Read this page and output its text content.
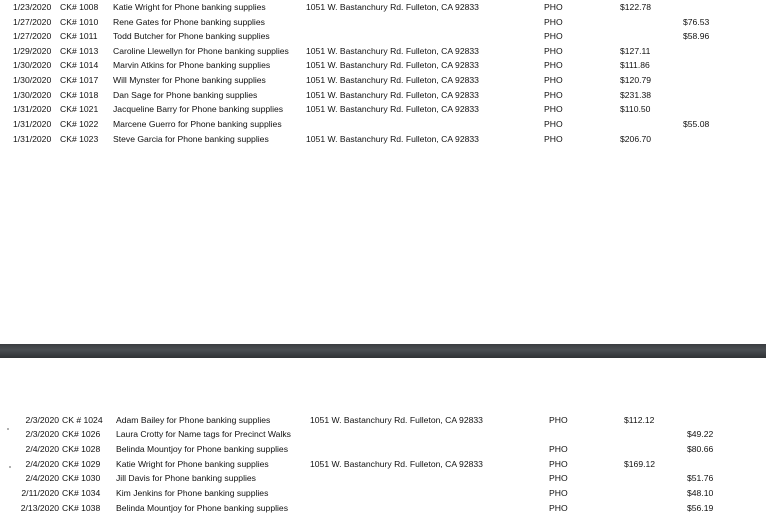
1/23/2020	CK# 1008	Katie Wright for Phone banking supplies	1051 W. Bastanchury Rd. Fulleton, CA 92833	PHO	$122.78
1/27/2020	CK# 1010	Rene Gates for Phone banking supplies	PHO	$76.53
1/27/2020	CK# 1011	Todd Butcher for Phone banking supplies	PHO	$58.96
1/29/2020	CK# 1013	Caroline Llewellyn for Phone banking supplies	1051 W. Bastanchury Rd. Fulleton, CA 92833	PHO	$127.11
1/30/2020	CK# 1014	Marvin Atkins for Phone banking supplies	1051 W. Bastanchury Rd. Fulleton, CA 92833	PHO	$111.86
1/30/2020	CK# 1017	Will Mynster for Phone banking supplies	1051 W. Bastanchury Rd. Fulleton, CA 92833	PHO	$120.79
1/30/2020	CK# 1018	Dan Sage for Phone banking supplies	1051 W. Bastanchury Rd. Fulleton, CA 92833	PHO	$231.38
1/31/2020	CK# 1021	Jacqueline Barry for Phone banking supplies	1051 W. Bastanchury Rd. Fulleton, CA 92833	PHO	$110.50
1/31/2020	CK# 1022	Marcene Guerro for Phone banking supplies	PHO	$55.08
1/31/2020	CK# 1023	Steve Garcia for Phone banking supplies	1051 W. Bastanchury Rd. Fulleton, CA 92833	PHO	$206.70
2/3/2020 CK # 1024	Adam Bailey for Phone banking supplies	1051 W. Bastanchury Rd. Fulleton, CA 92833	PHO	$112.12
2/3/2020 CK# 1026	Laura Crotty for Name tags for Precinct Walks	$49.22
2/4/2020 CK# 1028	Belinda Mountjoy for Phone banking supplies	PHO	$80.66
2/4/2020 CK# 1029	Katie Wright for Phone banking supplies	1051 W. Bastanchury Rd. Fulleton, CA 92833	PHO	$169.12
2/4/2020 CK# 1030	Jill Davis for Phone banking supplies	PHO	$51.76
2/11/2020 CK# 1034	Kim Jenkins for Phone banking supplies	PHO	$48.10
2/13/2020 CK# 1038	Belinda Mountjoy for Phone banking supplies	PHO	$56.19
